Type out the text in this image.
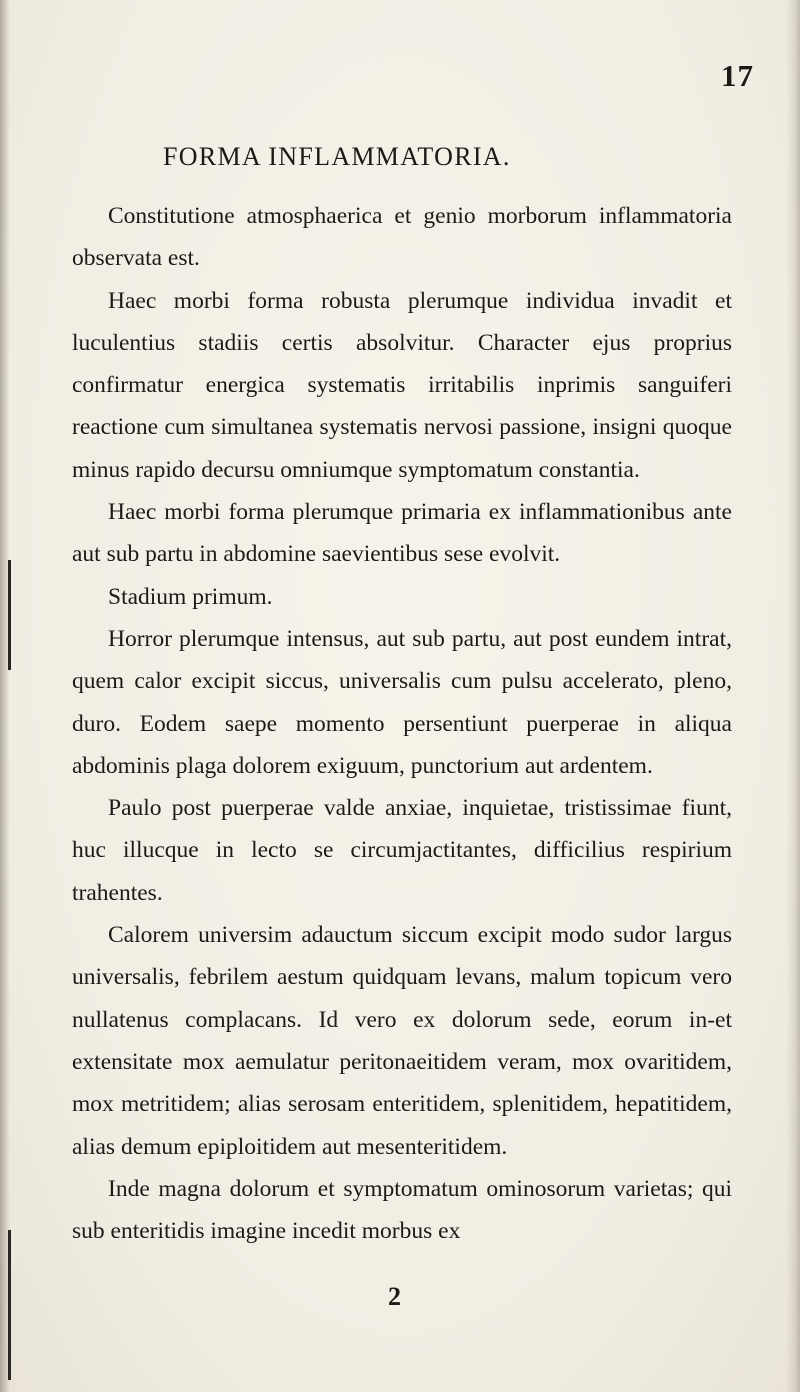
17
FORMA INFLAMMATORIA.

Constitutione atmosphaerica et genio morborum inflammatoria observata est.

Haec morbi forma robusta plerumque individua invadit et luculentius stadiis certis absolvitur. Character ejus proprius confirmatur energica systematis irritabilis inprimis sanguiferi reactione cum simultanea systematis nervosi passione, insigni quoque minus rapido decursu omniumque symptomatum constantia.

Haec morbi forma plerumque primaria ex inflammationibus ante aut sub partu in abdomine saevientibus sese evolvit.

Stadium primum.

Horror plerumque intensus, aut sub partu, aut post eundem intrat, quem calor excipit siccus, universalis cum pulsu accelerato, pleno, duro. Eodem saepe momento persentiunt puerperae in aliqua abdominis plaga dolorem exiguum, punctorium aut ardentem.

Paulo post puerperae valde anxiae, inquietae, tristissimae fiunt, huc illucque in lecto se circumjactitantes, difficilius respirium trahentes.

Calorem universim adauctum siccum excipit modo sudor largus universalis, febrilem aestum quidquam levans, malum topicum vero nullatenus complacans. Id vero ex dolorum sede, eorum in-et extensitate mox aemulatur peritonaeitidem veram, mox ovaritidem, mox metritidem; alias serosam enteritidem, splenitidem, hepatitidem, alias demum epiploitidem aut mesenteritidem.

Inde magna dolorum et symptomatum ominosorum varietas; qui sub enteritidis imagine incedit morbus ex

2
